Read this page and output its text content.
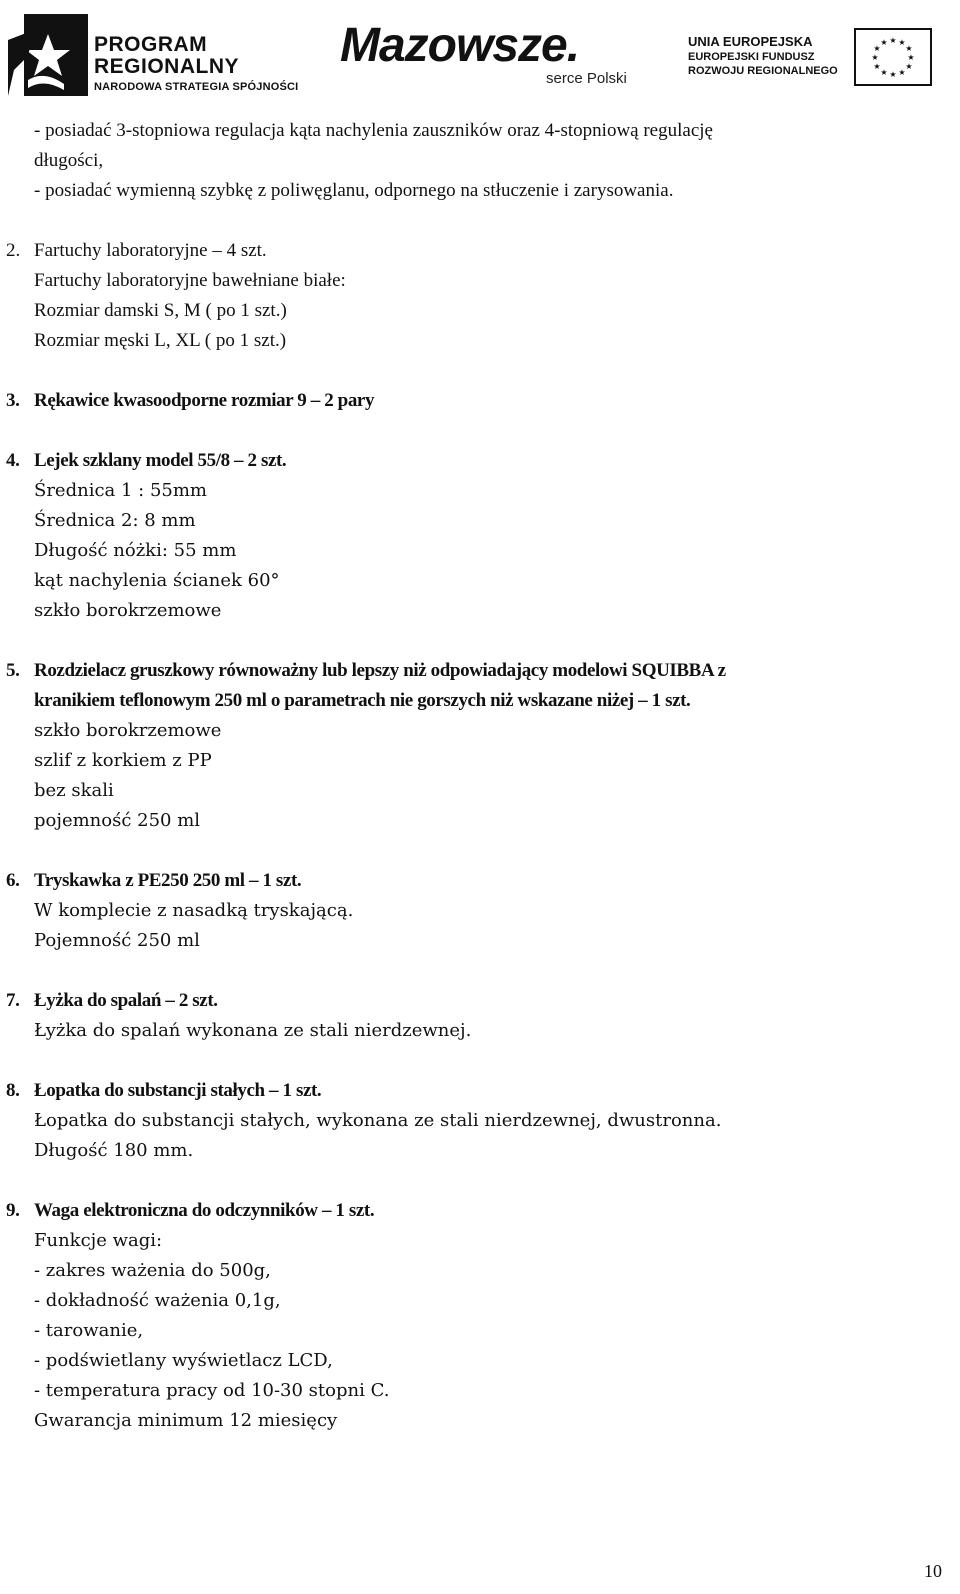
PROGRAM
REGIONALNY
NARODOWA STRATEGIA SPÓJNOŚCI
Mazowsze.
serce Polski
UNIA EUROPEJSKA
EUROPEJSKI FUNDUSZ
ROZWOJU REGIONALNEGO
★ ★
★
★
★
★
★
★
★
★
★
★
- posiadać 3-stopniowa regulacja kąta nachylenia zauszników oraz 4-stopniową regulację
długości,
- posiadać wymienną szybkę z poliwęglanu, odpornego na stłuczenie i zarysowania.
2. Fartuchy laboratoryjne – 4 szt.
Fartuchy laboratoryjne bawełniane białe:
Rozmiar damski S, M ( po 1 szt.)
Rozmiar męski L, XL ( po 1 szt.)
3. Rękawice kwasoodporne rozmiar 9 – 2 pary
4. Lejek szklany model 55/8 – 2 szt.
Średnica 1 : 55mm
Średnica 2: 8 mm
Długość nóżki: 55 mm
kąt nachylenia ścianek 60°
szkło borokrzemowe
5. Rozdzielacz gruszkowy równoważny lub lepszy niż odpowiadający modelowi SQUIBBA z
kranikiem teflonowym 250 ml o parametrach nie gorszych niż wskazane niżej – 1 szt.
szkło borokrzemowe
szlif z korkiem z PP
bez skali
pojemność 250 ml
6. Tryskawka z PE250 250 ml – 1 szt.
W komplecie z nasadką tryskającą.
Pojemność 250 ml
7. Łyżka do spalań – 2 szt.
Łyżka do spalań wykonana ze stali nierdzewnej.
8. Łopatka do substancji stałych – 1 szt.
Łopatka do substancji stałych, wykonana ze stali nierdzewnej, dwustronna.
Długość 180 mm.
9. Waga elektroniczna do odczynników – 1 szt.
Funkcje wagi:
- zakres ważenia do 500g,
- dokładność ważenia 0,1g,
- tarowanie,
- podświetlany wyświetlacz LCD,
- temperatura pracy od 10-30 stopni C.
Gwarancja minimum 12 miesięcy
10
